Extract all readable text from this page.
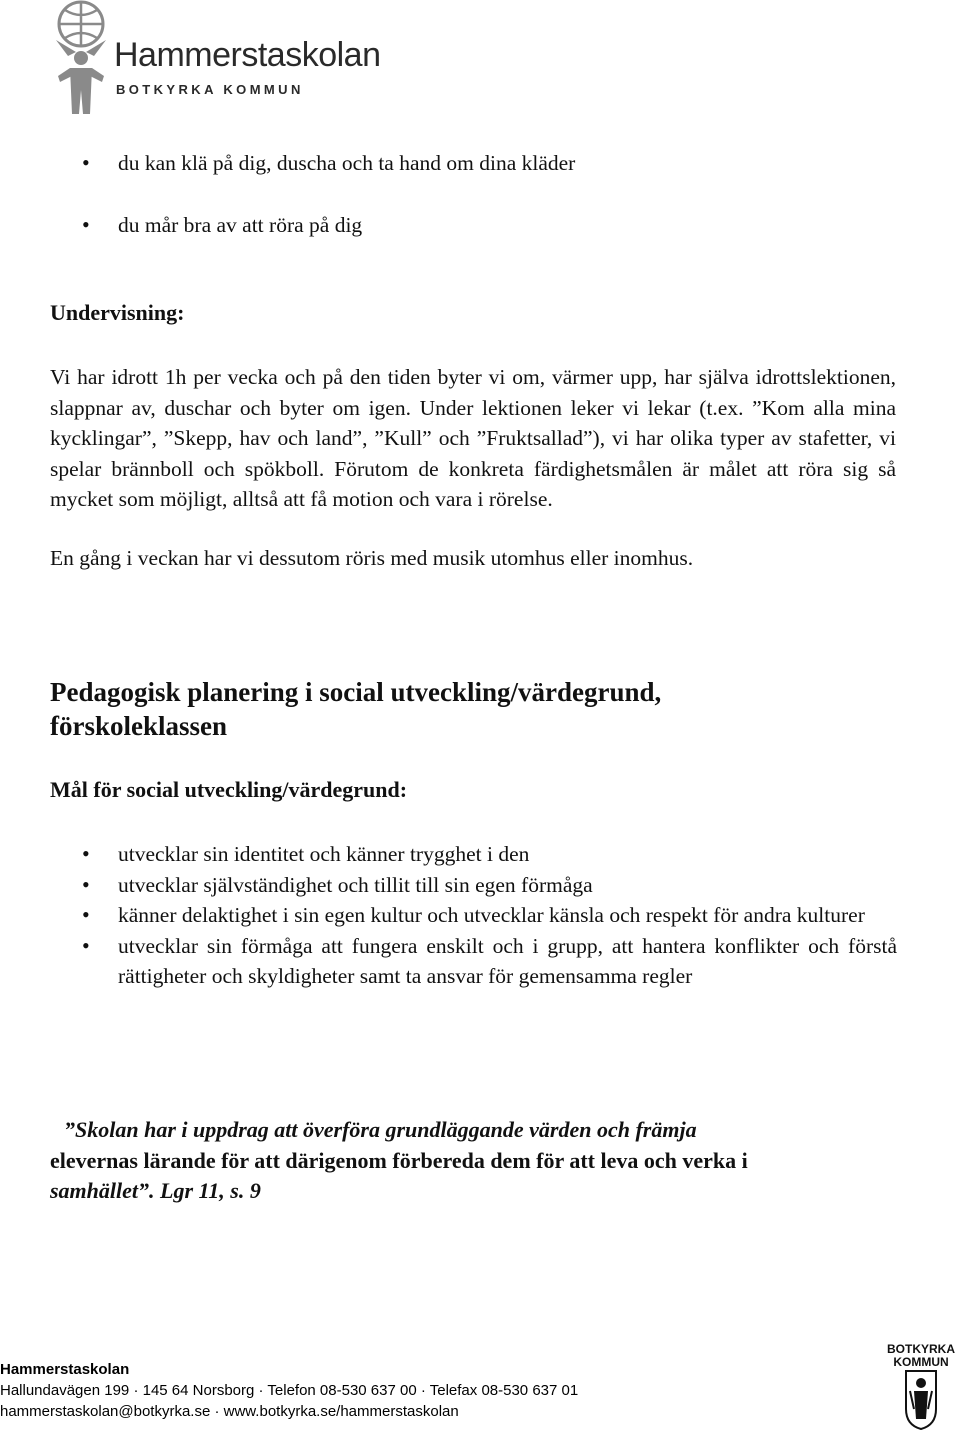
Hammerstaskolan
BOTKYRKA KOMMUN
• du kan klä på dig, duscha och ta hand om dina kläder
• du mår bra av att röra på dig
Undervisning:

Vi har idrott 1h per vecka och på den tiden byter vi om, värmer upp, har själva idrottslektionen, slappnar av, duschar och byter om igen. Under lektionen leker vi lekar (t.ex. ”Kom alla mina kycklingar”, ”Skepp, hav och land”, ”Kull” och ”Fruktsallad”), vi har olika typer av stafetter, vi spelar brännboll och spökboll. Förutom de konkreta färdighetsmålen är målet att röra sig så mycket som möjligt, alltså att få motion och vara i rörelse.

En gång i veckan har vi dessutom röris med musik utomhus eller inomhus.

Pedagogisk planering i social utveckling/värdegrund,
förskoleklassen
Mål för social utveckling/värdegrund:
• utvecklar sin identitet och känner trygghet i den
• utvecklar självständighet och tillit till sin egen förmåga
• känner delaktighet i sin egen kultur och utvecklar känsla och respekt för andra kulturer
• utvecklar sin förmåga att fungera enskilt och i grupp, att hantera konflikter och förstå rättigheter och skyldigheter samt ta ansvar för gemensamma regler
”Skolan har i uppdrag att överföra grundläggande värden och främja
elevernas lärande för att därigenom förbereda dem för att leva och verka i
samhället”. Lgr 11, s. 9
Hammerstaskolan
Hallundavägen 199 · 145 64 Norsborg · Telefon 08-530 637 00 · Telefax 08-530 637 01
hammerstaskolan@botkyrka.se · www.botkyrka.se/hammerstaskolan
BOTKYRKA
KOMMUN
